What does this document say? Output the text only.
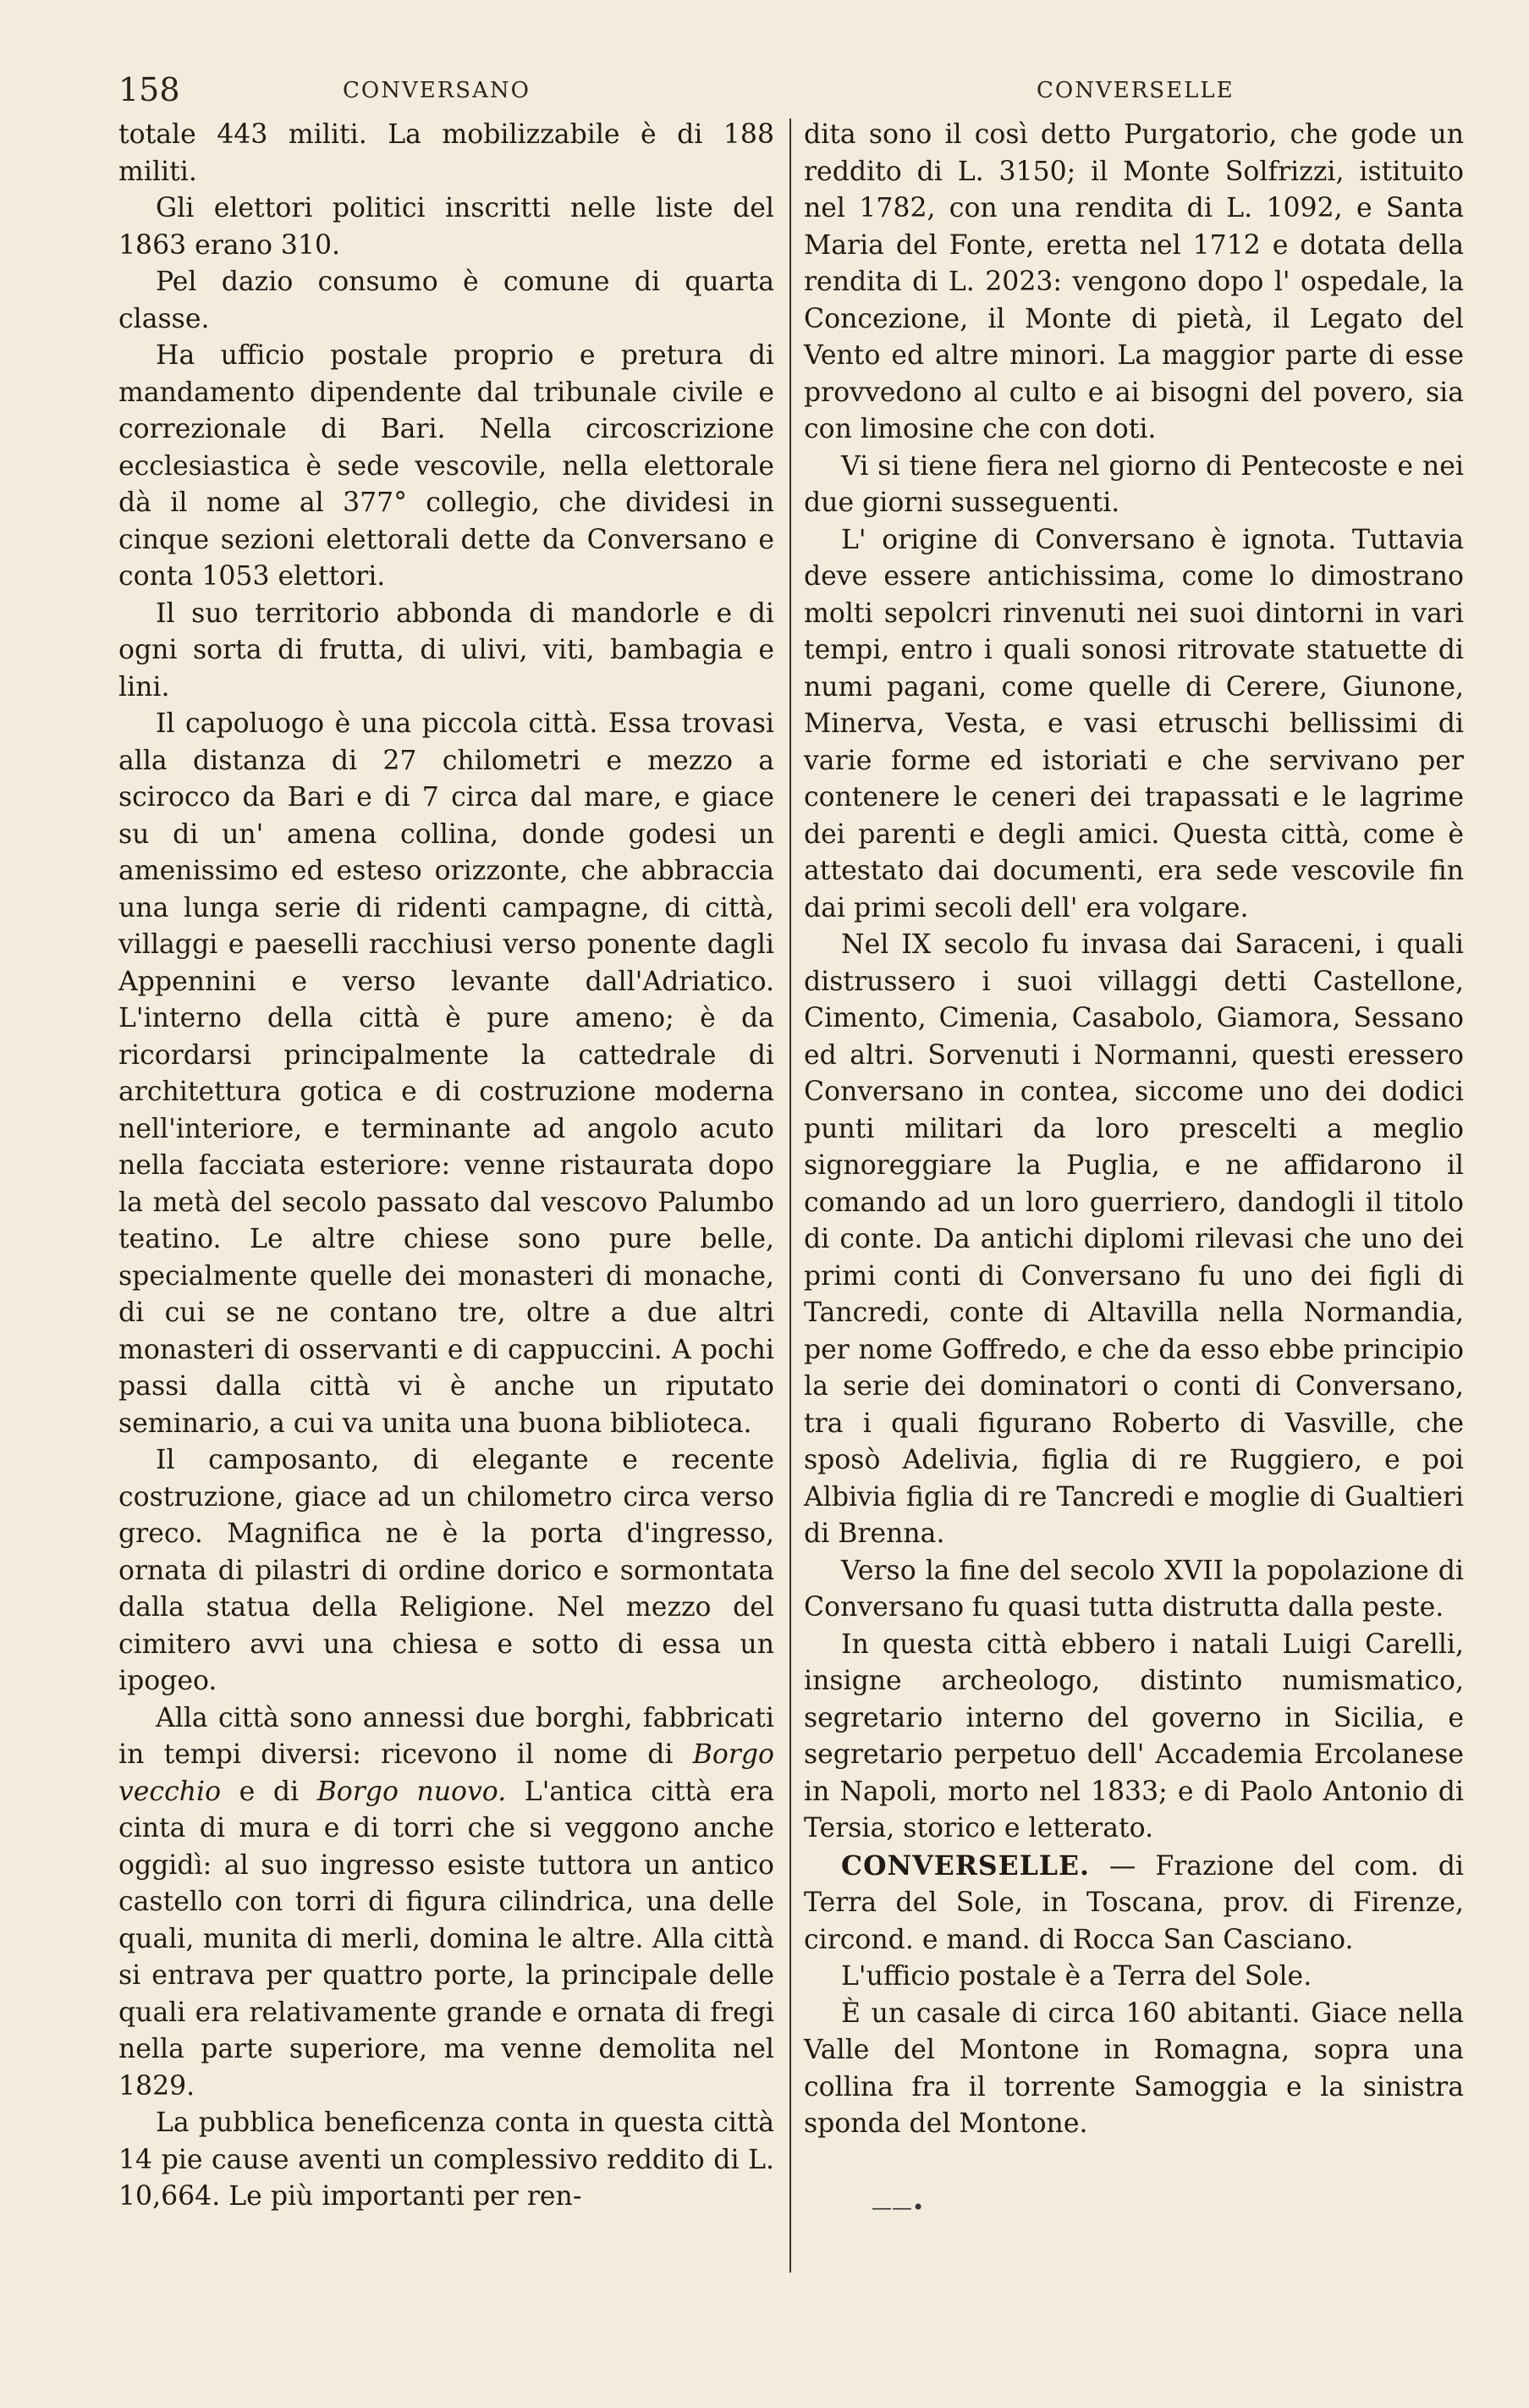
158	CONVERSANO	CONVERSELLE

totale 443 militi. La mobilizzabile è di 188 militi.

Gli elettori politici inscritti nelle liste del 1863 erano 310.

Pel dazio consumo è comune di quarta classe.

Ha ufficio postale proprio e pretura di mandamento dipendente dal tribunale civile e correzionale di Bari. Nella circoscrizione ecclesiastica è sede vescovile, nella elettorale dà il nome al 377° collegio, che dividesi in cinque sezioni elettorali dette da Conversano e conta 1053 elettori.

Il suo territorio abbonda di mandorle e di ogni sorta di frutta, di ulivi, viti, bambagia e lini.

Il capoluogo è una piccola città. Essa trovasi alla distanza di 27 chilometri e mezzo a scirocco da Bari e di 7 circa dal mare, e giace su di un' amena collina, donde godesi un amenissimo ed esteso orizzonte, che abbraccia una lunga serie di ridenti campagne, di città, villaggi e paeselli racchiusi verso ponente dagli Appennini e verso levante dall'Adriatico. L'interno della città è pure ameno; è da ricordarsi principalmente la cattedrale di architettura gotica e di costruzione moderna nell'interiore, e terminante ad angolo acuto nella facciata esteriore: venne ristaurata dopo la metà del secolo passato dal vescovo Palumbo teatino. Le altre chiese sono pure belle, specialmente quelle dei monasteri di monache, di cui se ne contano tre, oltre a due altri monasteri di osservanti e di cappuccini. A pochi passi dalla città vi è anche un riputato seminario, a cui va unita una buona biblioteca.

Il camposanto, di elegante e recente costruzione, giace ad un chilometro circa verso greco. Magnifica ne è la porta d'ingresso, ornata di pilastri di ordine dorico e sormontata dalla statua della Religione. Nel mezzo del cimitero avvi una chiesa e sotto di essa un ipogeo.

Alla città sono annessi due borghi, fabbricati in tempi diversi: ricevono il nome di Borgo vecchio e di Borgo nuovo. L'antica città era cinta di mura e di torri che si veggono anche oggidì: al suo ingresso esiste tuttora un antico castello con torri di figura cilindrica, una delle quali, munita di merli, domina le altre. Alla città si entrava per quattro porte, la principale delle quali era relativamente grande e ornata di fregi nella parte superiore, ma venne demolita nel 1829.

La pubblica beneficenza conta in questa città 14 pie cause aventi un complessivo reddito di L. 10,664. Le più importanti per ren-

dita sono il così detto Purgatorio, che gode un reddito di L. 3150; il Monte Solfrizzi, istituito nel 1782, con una rendita di L. 1092, e Santa Maria del Fonte, eretta nel 1712 e dotata della rendita di L. 2023: vengono dopo l' ospedale, la Concezione, il Monte di pietà, il Legato del Vento ed altre minori. La maggior parte di esse provvedono al culto e ai bisogni del povero, sia con limosine che con doti.

Vi si tiene fiera nel giorno di Pentecoste e nei due giorni susseguenti.

L' origine di Conversano è ignota. Tuttavia deve essere antichissima, come lo dimostrano molti sepolcri rinvenuti nei suoi dintorni in vari tempi, entro i quali sonosi ritrovate statuette di numi pagani, come quelle di Cerere, Giunone, Minerva, Vesta, e vasi etruschi bellissimi di varie forme ed istoriati e che servivano per contenere le ceneri dei trapassati e le lagrime dei parenti e degli amici. Questa città, come è attestato dai documenti, era sede vescovile fin dai primi secoli dell' era volgare.

Nel IX secolo fu invasa dai Saraceni, i quali distrussero i suoi villaggi detti Castellone, Cimento, Cimenia, Casabolo, Giamora, Sessano ed altri. Sorvenuti i Normanni, questi eressero Conversano in contea, siccome uno dei dodici punti militari da loro prescelti a meglio signoreggiare la Puglia, e ne affidarono il comando ad un loro guerriero, dandogli il titolo di conte. Da antichi diplomi rilevasi che uno dei primi conti di Conversano fu uno dei figli di Tancredi, conte di Altavilla nella Normandia, per nome Goffredo, e che da esso ebbe principio la serie dei dominatori o conti di Conversano, tra i quali figurano Roberto di Vasville, che sposò Adelivia, figlia di re Ruggiero, e poi Albivia figlia di re Tancredi e moglie di Gualtieri di Brenna.

Verso la fine del secolo XVII la popolazione di Conversano fu quasi tutta distrutta dalla peste.

In questa città ebbero i natali Luigi Carelli, insigne archeologo, distinto numismatico, segretario interno del governo in Sicilia, e segretario perpetuo dell' Accademia Ercolanese in Napoli, morto nel 1833; e di Paolo Antonio di Tersia, storico e letterato.

CONVERSELLE. — Frazione del com. di Terra del Sole, in Toscana, prov. di Firenze, circond. e mand. di Rocca San Casciano.

L'ufficio postale è a Terra del Sole.

È un casale di circa 160 abitanti. Giace nella Valle del Montone in Romagna, sopra una collina fra il torrente Samoggia e la sinistra sponda del Montone.

——•
